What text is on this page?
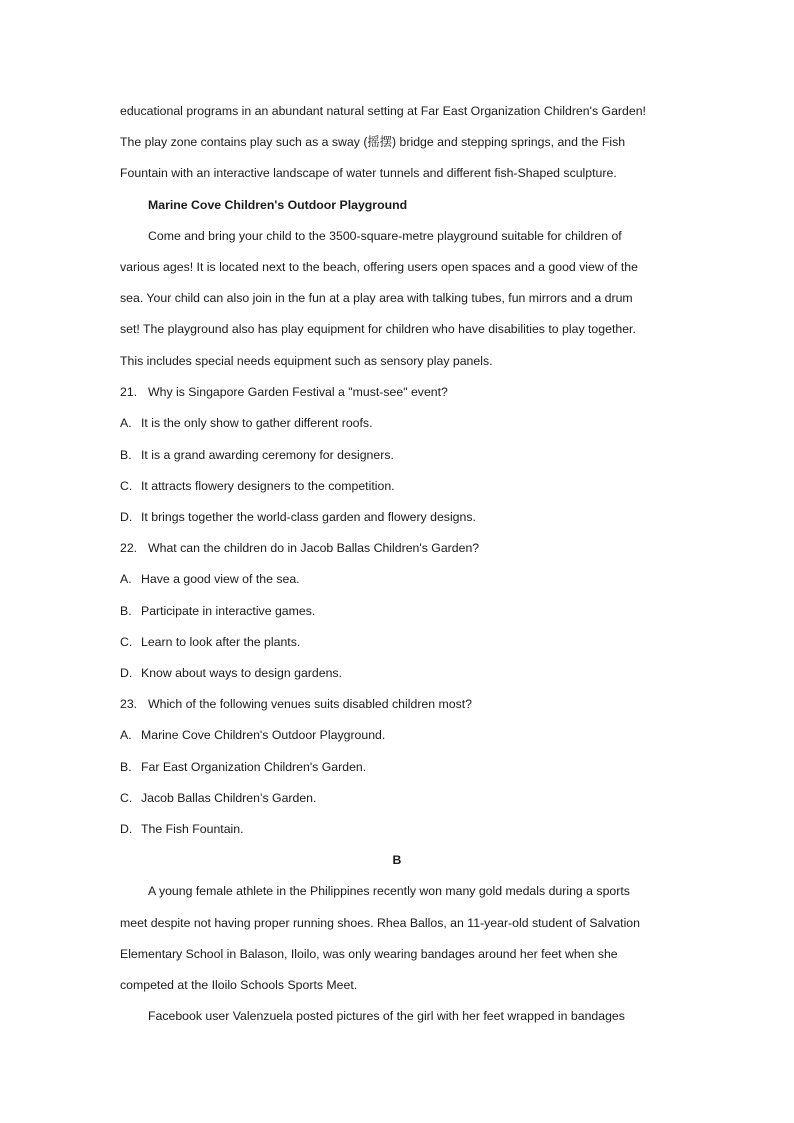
educational programs in an abundant natural setting at Far East Organization Children's Garden!
The play zone contains play such as a sway (摇摆) bridge and stepping springs, and the Fish
Fountain with an interactive landscape of water tunnels and different fish-Shaped sculpture.
Marine Cove Children's Outdoor Playground
Come and bring your child to the 3500-square-metre playground suitable for children of
various ages! It is located next to the beach, offering users open spaces and a good view of the
sea. Your child can also join in the fun at a play area with talking tubes, fun mirrors and a drum
set! The playground also has play equipment for children who have disabilities to play together.
This includes special needs equipment such as sensory play panels.
21. Why is Singapore Garden Festival a "must-see" event?
A. It is the only show to gather different roofs.
B. It is a grand awarding ceremony for designers.
C. It attracts flowery designers to the competition.
D. It brings together the world-class garden and flowery designs.
22. What can the children do in Jacob Ballas Children's Garden?
A. Have a good view of the sea.
B. Participate in interactive games.
C. Learn to look after the plants.
D. Know about ways to design gardens.
23. Which of the following venues suits disabled children most?
A. Marine Cove Children's Outdoor Playground.
B. Far East Organization Children's Garden.
C. Jacob Ballas Children’s Garden.
D. The Fish Fountain.
B
A young female athlete in the Philippines recently won many gold medals during a sports
meet despite not having proper running shoes. Rhea Ballos, an 11-year-old student of Salvation
Elementary School in Balason, Iloilo, was only wearing bandages around her feet when she
competed at the Iloilo Schools Sports Meet.
Facebook user Valenzuela posted pictures of the girl with her feet wrapped in bandages
